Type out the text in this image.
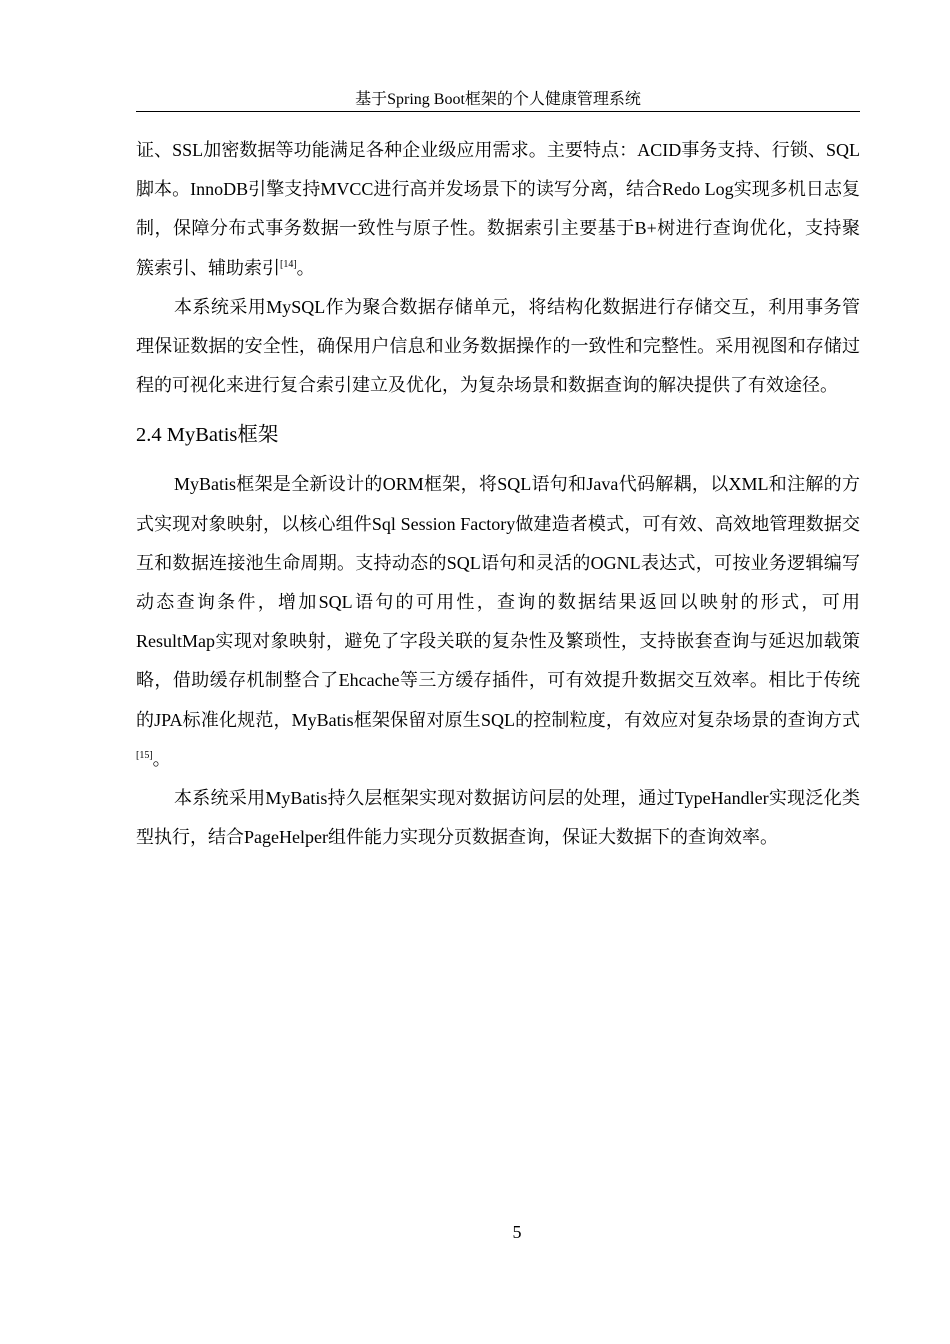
基于Spring Boot框架的个人健康管理系统

证、SSL加密数据等功能满足各种企业级应用需求。主要特点：ACID事务支持、行锁、SQL脚本。InnoDB引擎支持MVCC进行高并发场景下的读写分离，结合Redo Log实现多机日志复制，保障分布式事务数据一致性与原子性。数据索引主要基于B+树进行查询优化，支持聚簇索引、辅助索引[14]。

本系统采用MySQL作为聚合数据存储单元，将结构化数据进行存储交互，利用事务管理保证数据的安全性，确保用户信息和业务数据操作的一致性和完整性。采用视图和存储过程的可视化来进行复合索引建立及优化，为复杂场景和数据查询的解决提供了有效途径。

2.4 MyBatis框架

MyBatis框架是全新设计的ORM框架，将SQL语句和Java代码解耦，以XML和注解的方式实现对象映射，以核心组件Sql Session Factory做建造者模式，可有效、高效地管理数据交互和数据连接池生命周期。支持动态的SQL语句和灵活的OGNL表达式，可按业务逻辑编写动态查询条件，增加SQL语句的可用性，查询的数据结果返回以映射的形式，可用ResultMap实现对象映射，避免了字段关联的复杂性及繁琐性，支持嵌套查询与延迟加载策略，借助缓存机制整合了Ehcache等三方缓存插件，可有效提升数据交互效率。相比于传统的JPA标准化规范，MyBatis框架保留对原生SQL的控制粒度，有效应对复杂场景的查询方式[15]。

本系统采用MyBatis持久层框架实现对数据访问层的处理，通过TypeHandler实现泛化类型执行，结合PageHelper组件能力实现分页数据查询，保证大数据下的查询效率。

5
